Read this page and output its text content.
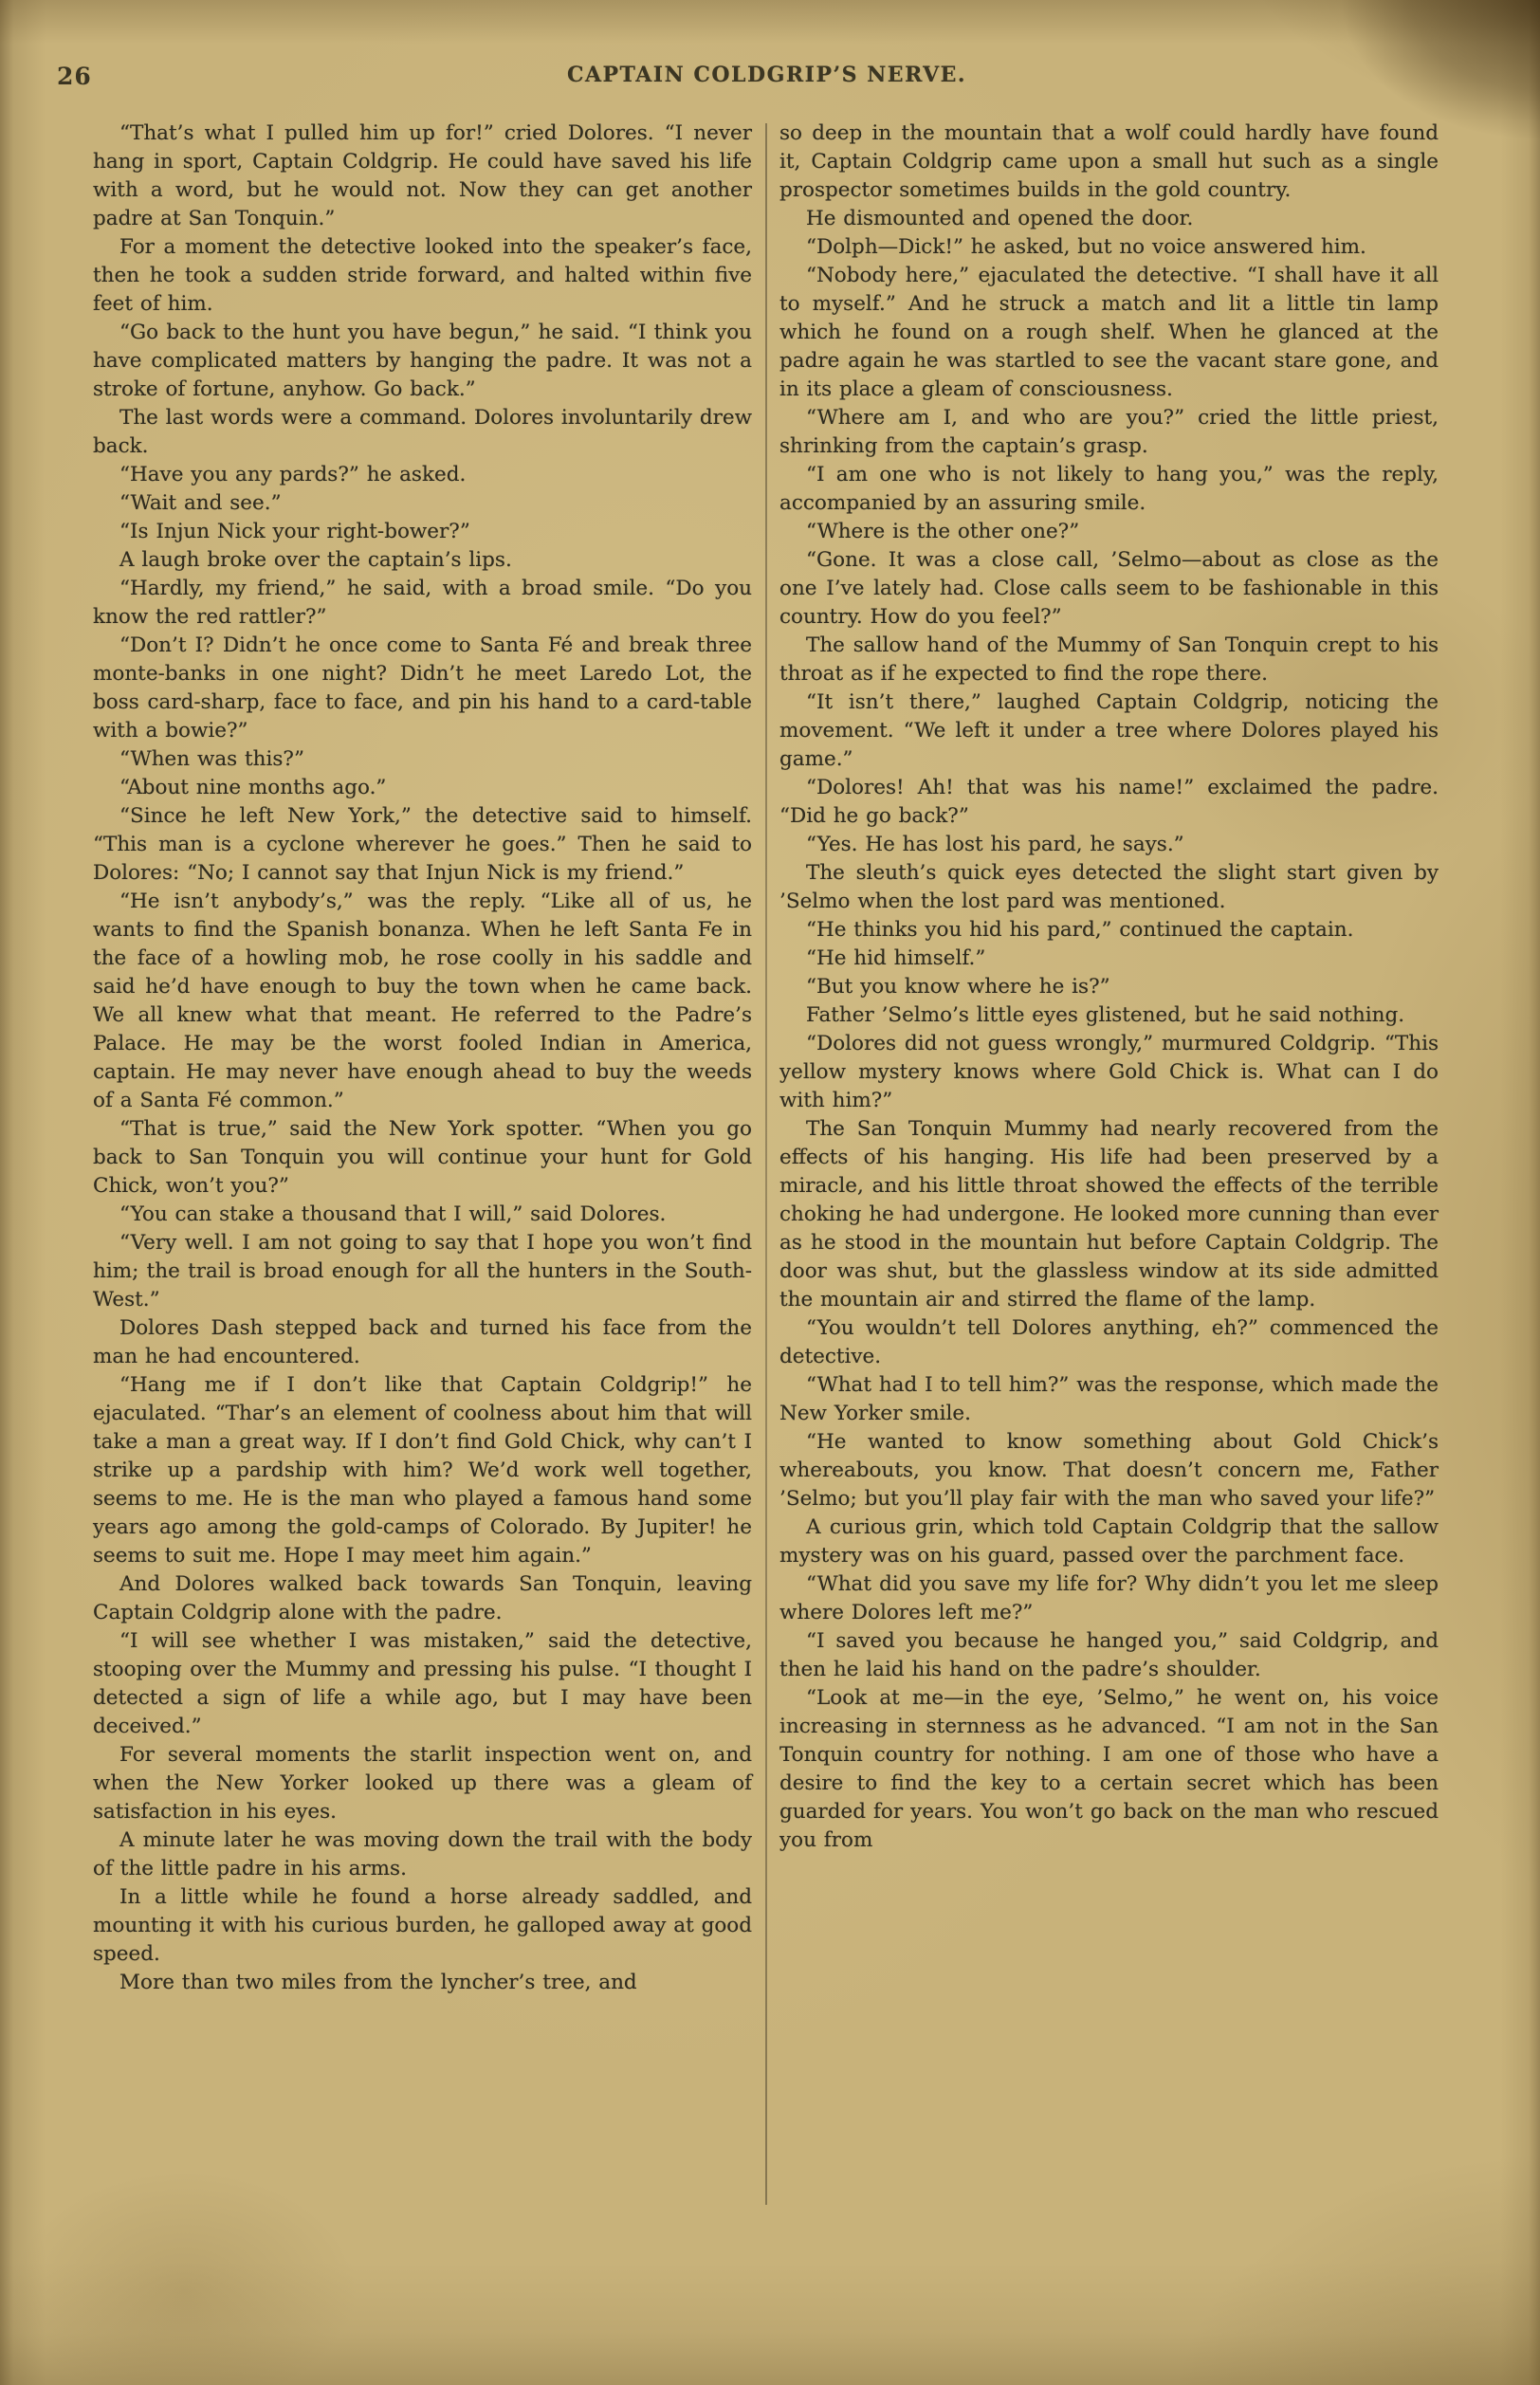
26	CAPTAIN COLDGRIP’S NERVE.

“That’s what I pulled him up for!” cried Dolores. “I never hang in sport, Captain Coldgrip. He could have saved his life with a word, but he would not. Now they can get another padre at San Tonquin.”

For a moment the detective looked into the speaker’s face, then he took a sudden stride forward, and halted within five feet of him.

“Go back to the hunt you have begun,” he said. “I think you have complicated matters by hanging the padre. It was not a stroke of fortune, anyhow. Go back.”

The last words were a command. Dolores involuntarily drew back.

“Have you any pards?” he asked.

“Wait and see.”

“Is Injun Nick your right-bower?”

A laugh broke over the captain’s lips.

“Hardly, my friend,” he said, with a broad smile. “Do you know the red rattler?”

“Don’t I? Didn’t he once come to Santa Fé and break three monte-banks in one night? Didn’t he meet Laredo Lot, the boss card-sharp, face to face, and pin his hand to a card-table with a bowie?”

“When was this?”

“About nine months ago.”

“Since he left New York,” the detective said to himself. “This man is a cyclone wherever he goes.” Then he said to Dolores: “No; I cannot say that Injun Nick is my friend.”

“He isn’t anybody’s,” was the reply. “Like all of us, he wants to find the Spanish bonanza. When he left Santa Fe in the face of a howling mob, he rose coolly in his saddle and said he’d have enough to buy the town when he came back. We all knew what that meant. He referred to the Padre’s Palace. He may be the worst fooled Indian in America, captain. He may never have enough ahead to buy the weeds of a Santa Fé common.”

“That is true,” said the New York spotter. “When you go back to San Tonquin you will continue your hunt for Gold Chick, won’t you?”

“You can stake a thousand that I will,” said Dolores.

“Very well. I am not going to say that I hope you won’t find him; the trail is broad enough for all the hunters in the South-West.”

Dolores Dash stepped back and turned his face from the man he had encountered.

“Hang me if I don’t like that Captain Coldgrip!” he ejaculated. “Thar’s an element of coolness about him that will take a man a great way. If I don’t find Gold Chick, why can’t I strike up a pardship with him? We’d work well together, seems to me. He is the man who played a famous hand some years ago among the gold-camps of Colorado. By Jupiter! he seems to suit me. Hope I may meet him again.”

And Dolores walked back towards San Tonquin, leaving Captain Coldgrip alone with the padre.

“I will see whether I was mistaken,” said the detective, stooping over the Mummy and pressing his pulse. “I thought I detected a sign of life a while ago, but I may have been deceived.”

For several moments the starlit inspection went on, and when the New Yorker looked up there was a gleam of satisfaction in his eyes.

A minute later he was moving down the trail with the body of the little padre in his arms.

In a little while he found a horse already saddled, and mounting it with his curious burden, he galloped away at good speed.

More than two miles from the lyncher’s tree, and

so deep in the mountain that a wolf could hardly have found it, Captain Coldgrip came upon a small hut such as a single prospector sometimes builds in the gold country.

He dismounted and opened the door.

“Dolph—Dick!” he asked, but no voice answered him.

“Nobody here,” ejaculated the detective. “I shall have it all to myself.” And he struck a match and lit a little tin lamp which he found on a rough shelf. When he glanced at the padre again he was startled to see the vacant stare gone, and in its place a gleam of consciousness.

“Where am I, and who are you?” cried the little priest, shrinking from the captain’s grasp.

“I am one who is not likely to hang you,” was the reply, accompanied by an assuring smile.

“Where is the other one?”

“Gone. It was a close call, ’Selmo—about as close as the one I’ve lately had. Close calls seem to be fashionable in this country. How do you feel?”

The sallow hand of the Mummy of San Tonquin crept to his throat as if he expected to find the rope there.

“It isn’t there,” laughed Captain Coldgrip, noticing the movement. “We left it under a tree where Dolores played his game.”

“Dolores! Ah! that was his name!” exclaimed the padre. “Did he go back?”

“Yes. He has lost his pard, he says.”

The sleuth’s quick eyes detected the slight start given by ’Selmo when the lost pard was mentioned.

“He thinks you hid his pard,” continued the captain.

“He hid himself.”

“But you know where he is?”

Father ’Selmo’s little eyes glistened, but he said nothing.

“Dolores did not guess wrongly,” murmured Coldgrip. “This yellow mystery knows where Gold Chick is. What can I do with him?”

The San Tonquin Mummy had nearly recovered from the effects of his hanging. His life had been preserved by a miracle, and his little throat showed the effects of the terrible choking he had undergone. He looked more cunning than ever as he stood in the mountain hut before Captain Coldgrip. The door was shut, but the glassless window at its side admitted the mountain air and stirred the flame of the lamp.

“You wouldn’t tell Dolores anything, eh?” commenced the detective.

“What had I to tell him?” was the response, which made the New Yorker smile.

“He wanted to know something about Gold Chick’s whereabouts, you know. That doesn’t concern me, Father ’Selmo; but you’ll play fair with the man who saved your life?”

A curious grin, which told Captain Coldgrip that the sallow mystery was on his guard, passed over the parchment face.

“What did you save my life for? Why didn’t you let me sleep where Dolores left me?”

“I saved you because he hanged you,” said Coldgrip, and then he laid his hand on the padre’s shoulder.

“Look at me—in the eye, ’Selmo,” he went on, his voice increasing in sternness as he advanced. “I am not in the San Tonquin country for nothing. I am one of those who have a desire to find the key to a certain secret which has been guarded for years. You won’t go back on the man who rescued you from
